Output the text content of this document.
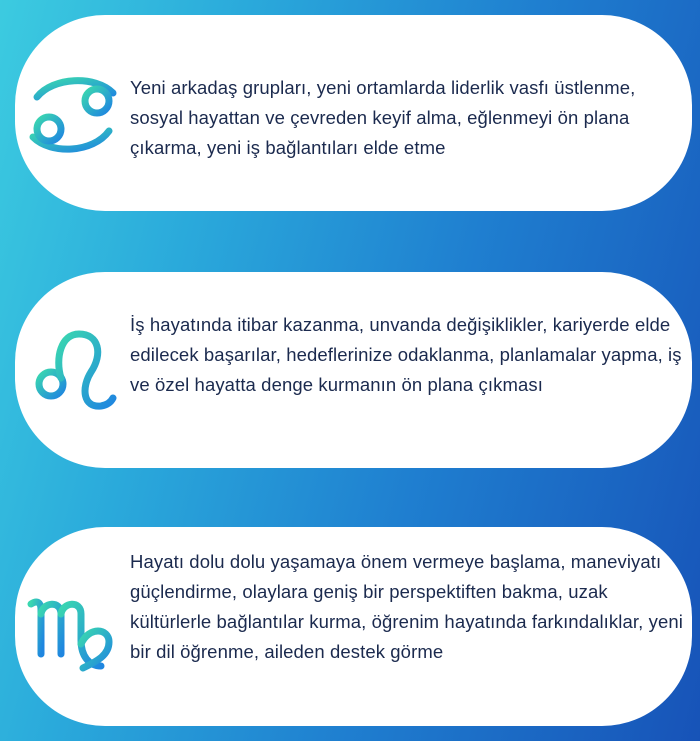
Yeni arkadaş grupları, yeni ortamlarda liderlik vasfı üstlenme, sosyal hayattan ve çevreden keyif alma, eğlenmeyi ön plana çıkarma, yeni iş bağlantıları elde etme
İş hayatında itibar kazanma, unvanda değişiklikler, kariyerde elde edilecek başarılar, hedeflerinize odaklanma, planlamalar yapma, iş ve özel hayatta denge kurmanın ön plana çıkması
Hayatı dolu dolu yaşamaya önem vermeye başlama, maneviyatı güçlendirme, olaylara geniş bir perspektiften bakma, uzak kültürlerle bağlantılar kurma, öğrenim hayatında farkındalıklar, yeni bir dil öğrenme, aileden destek görme
